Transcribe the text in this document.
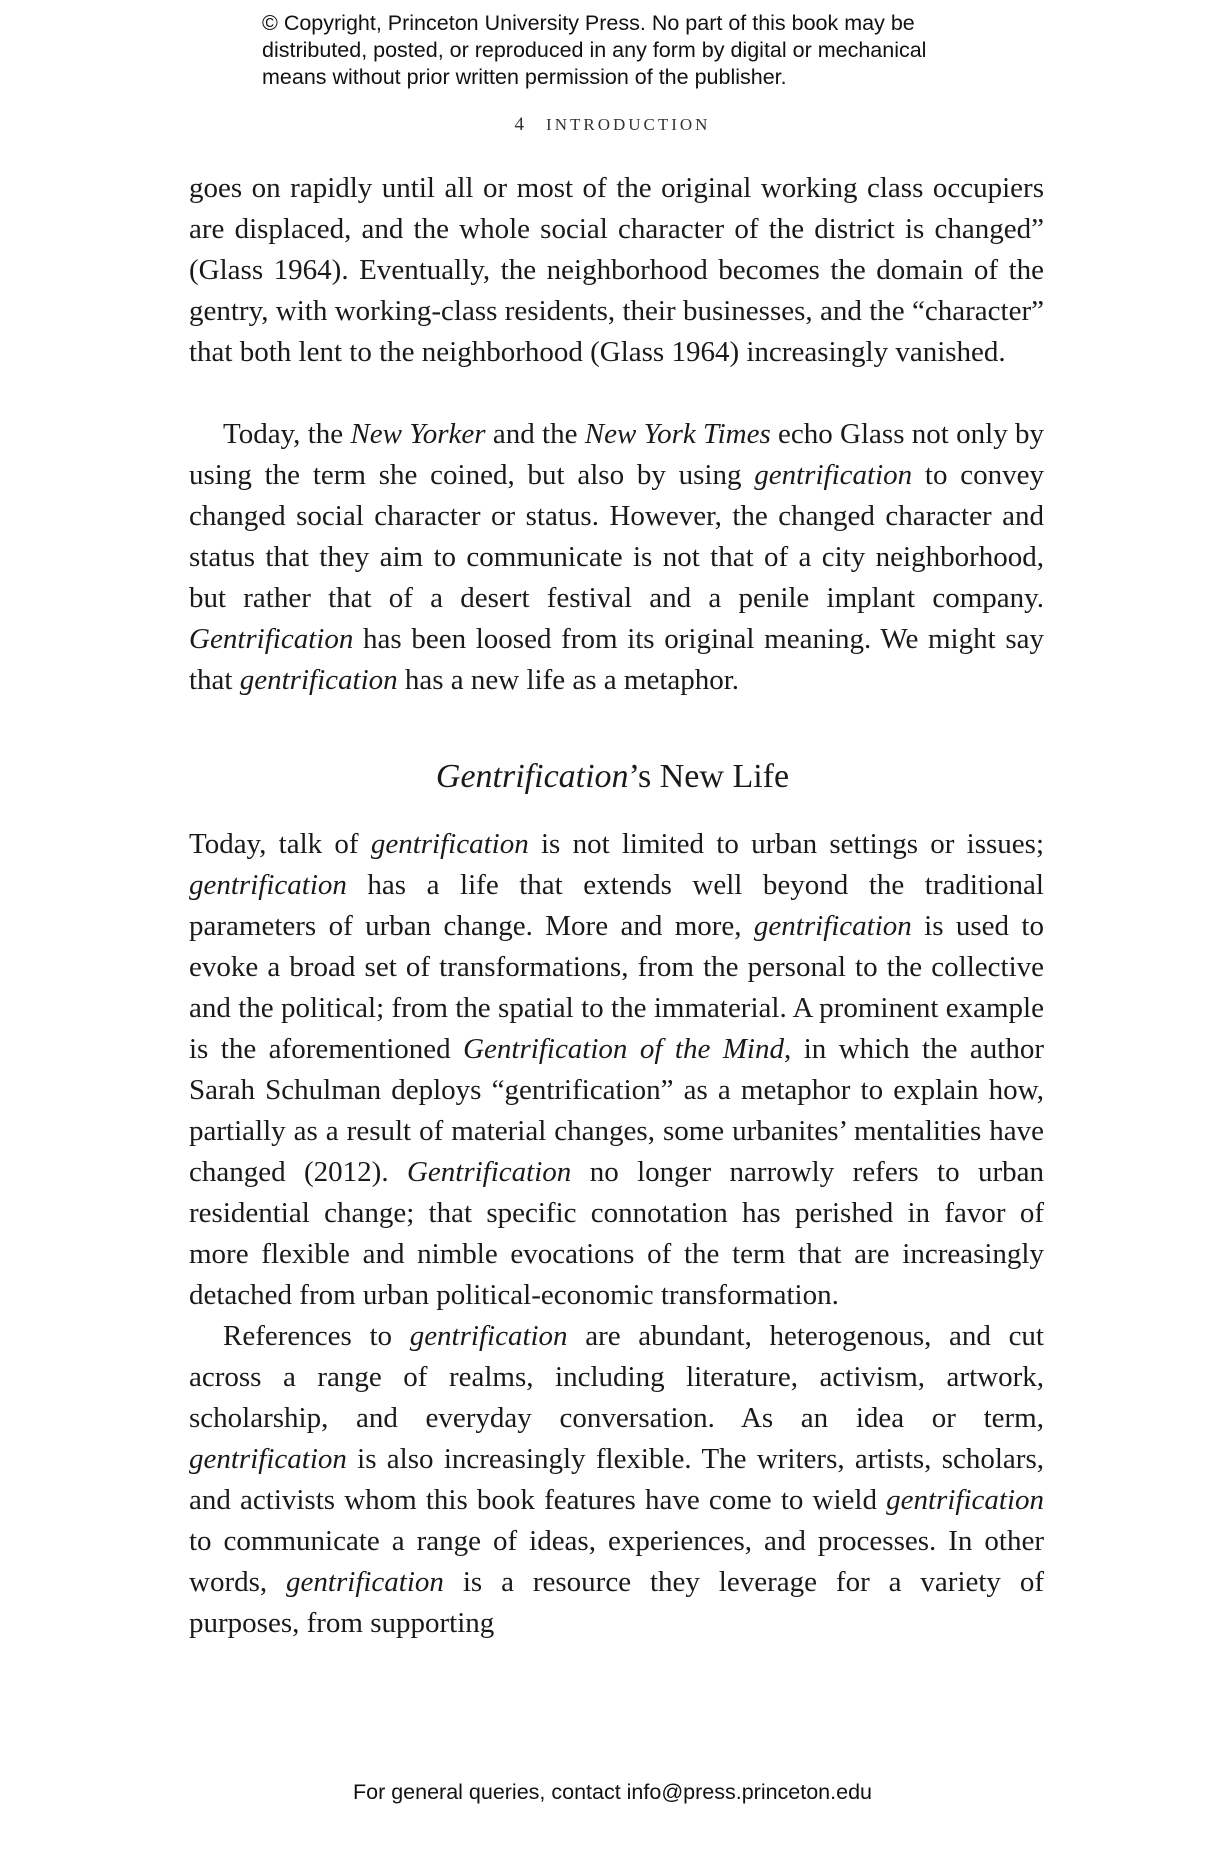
© Copyright, Princeton University Press. No part of this book may be
distributed, posted, or reproduced in any form by digital or mechanical
means without prior written permission of the publisher.
4 INTRODUCTION

goes on rapidly until all or most of the original working class occupiers are displaced, and the whole social character of the district is changed” (Glass 1964). Eventually, the neighborhood becomes the domain of the gentry, with working-class residents, their businesses, and the “character” that both lent to the neighborhood (Glass 1964) increasingly vanished.

Today, the New Yorker and the New York Times echo Glass not only by using the term she coined, but also by using gentrification to convey changed social character or status. However, the changed character and status that they aim to communicate is not that of a city neighborhood, but rather that of a desert festival and a penile implant company. Gentrification has been loosed from its original meaning. We might say that gentrification has a new life as a metaphor.

Gentrification’s New Life

Today, talk of gentrification is not limited to urban settings or issues; gentrification has a life that extends well beyond the traditional parameters of urban change. More and more, gentrification is used to evoke a broad set of transformations, from the personal to the collective and the political; from the spatial to the immaterial. A prominent example is the aforementioned Gentrification of the Mind, in which the author Sarah Schulman deploys “gentrification” as a metaphor to explain how, partially as a result of material changes, some urbanites’ mentalities have changed (2012). Gentrification no longer narrowly refers to urban residential change; that specific connotation has perished in favor of more flexible and nimble evocations of the term that are increasingly detached from urban political-economic transformation.

References to gentrification are abundant, heterogenous, and cut across a range of realms, including literature, activism, artwork, scholarship, and everyday conversation. As an idea or term, gentrification is also increasingly flexible. The writers, artists, scholars, and activists whom this book features have come to wield gentrification to communicate a range of ideas, experiences, and processes. In other words, gentrification is a resource they leverage for a variety of purposes, from supporting

For general queries, contact info@press.princeton.edu
